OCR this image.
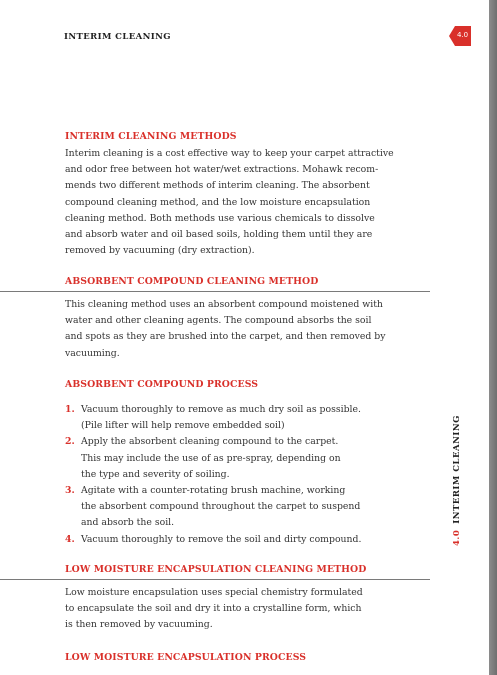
INTERIM CLEANING	4.0
INTERIM CLEANING METHODS
Interim cleaning is a cost effective way to keep your carpet attractive
and odor free between hot water/wet extractions. Mohawk recom-
mends two different methods of interim cleaning. The absorbent
compound cleaning method, and the low moisture encapsulation
cleaning method. Both methods use various chemicals to dissolve
and absorb water and oil based soils, holding them until they are
removed by vacuuming (dry extraction).
ABSORBENT COMPOUND CLEANING METHOD
This cleaning method uses an absorbent compound moistened with
water and other cleaning agents. The compound absorbs the soil
and spots as they are brushed into the carpet, and then removed by
vacuuming.
ABSORBENT COMPOUND PROCESS
1. Vacuum thoroughly to remove as much dry soil as possible.
(Pile lifter will help remove embedded soil)
2. Apply the absorbent cleaning compound to the carpet.
This may include the use of as pre-spray, depending on
the type and severity of soiling.
3. Agitate with a counter-rotating brush machine, working
the absorbent compound throughout the carpet to suspend
and absorb the soil.
4. Vacuum thoroughly to remove the soil and dirty compound.
LOW MOISTURE ENCAPSULATION CLEANING METHOD
Low moisture encapsulation uses special chemistry formulated
to encapsulate the soil and dry it into a crystalline form, which
is then removed by vacuuming.
LOW MOISTURE ENCAPSULATION PROCESS
4.0INTERIM CLEANING
